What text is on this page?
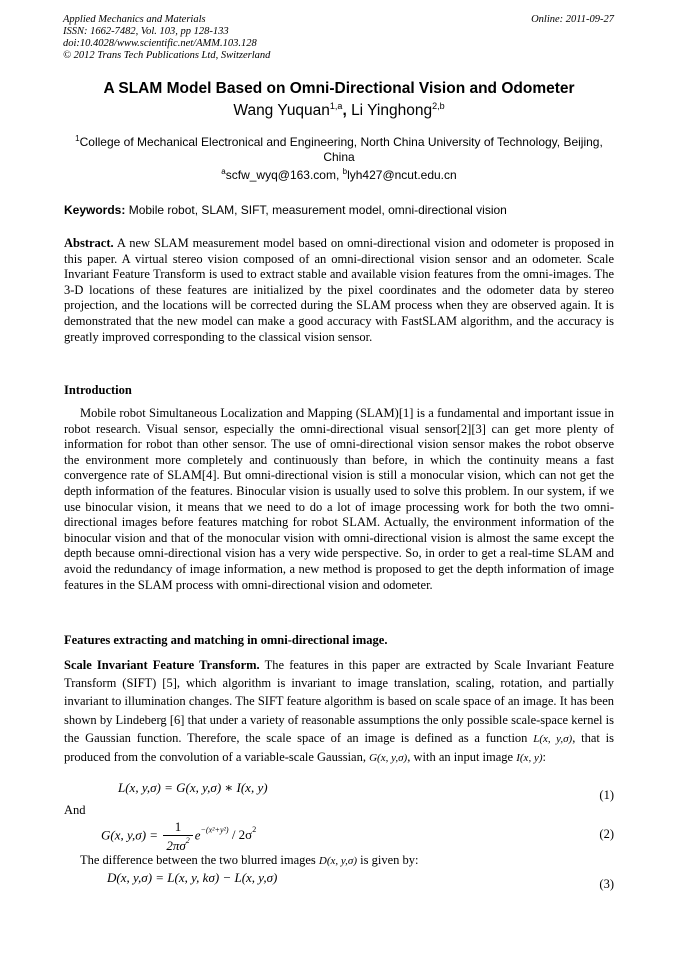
Applied Mechanics and Materials
ISSN: 1662-7482, Vol. 103, pp 128-133
doi:10.4028/www.scientific.net/AMM.103.128
© 2012 Trans Tech Publications Ltd, Switzerland
Online: 2011-09-27
A SLAM Model Based on Omni-Directional Vision and Odometer
Wang Yuquan$^{1,a}$, Li Yinghong$^{2,b}$
$^1$College of Mechanical Electronical and Engineering, North China University of Technology, Beijing, China
$^a$scfw_wyq@163.com, $^b$lyh427@ncut.edu.cn
Keywords: Mobile robot, SLAM, SIFT, measurement model, omni-directional vision
Abstract. A new SLAM measurement model based on omni-directional vision and odometer is proposed in this paper. A virtual stereo vision composed of an omni-directional vision sensor and an odometer. Scale Invariant Feature Transform is used to extract stable and available vision features from the omni-images. The 3-D locations of these features are initialized by the pixel coordinates and the odometer data by stereo projection, and the locations will be corrected during the SLAM process when they are observed again. It is demonstrated that the new model can make a good accuracy with FastSLAM algorithm, and the accuracy is greatly improved corresponding to the classical vision sensor.
Introduction
Mobile robot Simultaneous Localization and Mapping (SLAM)[1] is a fundamental and important issue in robot research. Visual sensor, especially the omni-directional visual sensor[2][3] can get more plenty of information for robot than other sensor. The use of omni-directional vision sensor makes the robot observe the environment more completely and continuously than before, in which the continuity means a fast convergence rate of SLAM[4]. But omni-directional vision is still a monocular vision, which can not get the depth information of the features. Binocular vision is usually used to solve this problem. In our system, if we use binocular vision, it means that we need to do a lot of image processing work for both the two omni-directional images before features matching for robot SLAM. Actually, the environment information of the binocular vision and that of the monocular vision with omni-directional vision is almost the same except the depth because omni-directional vision has a very wide perspective. So, in order to get a real-time SLAM and avoid the redundancy of image information, a new method is proposed to get the depth information of image features in the SLAM process with omni-directional vision and odometer.
Features extracting and matching in omni-directional image.
Scale Invariant Feature Transform. The features in this paper are extracted by Scale Invariant Feature Transform (SIFT) [5], which algorithm is invariant to image translation, scaling, rotation, and partially invariant to illumination changes. The SIFT feature algorithm is based on scale space of an image. It has been shown by Lindeberg [6] that under a variety of reasonable assumptions the only possible scale-space kernel is the Gaussian function. Therefore, the scale space of an image is defined as a function L(x, y,σ), that is produced from the convolution of a variable-scale Gaussian, G(x, y,σ), with an input image I(x, y):
L(x, y,σ) = G(x, y,σ) ∗ I(x, y)	(1)
And
G(x, $y,\sigma) = \frac{1}{2\pi\sigma^2} e^{-(x^2+y^2)} / 2\sigma^2$	(2)
The difference between the two blurred images D(x, y,σ) is given by:
D(x, y,σ) = L(x, y, kσ) − L(x, y,σ)	(3)
